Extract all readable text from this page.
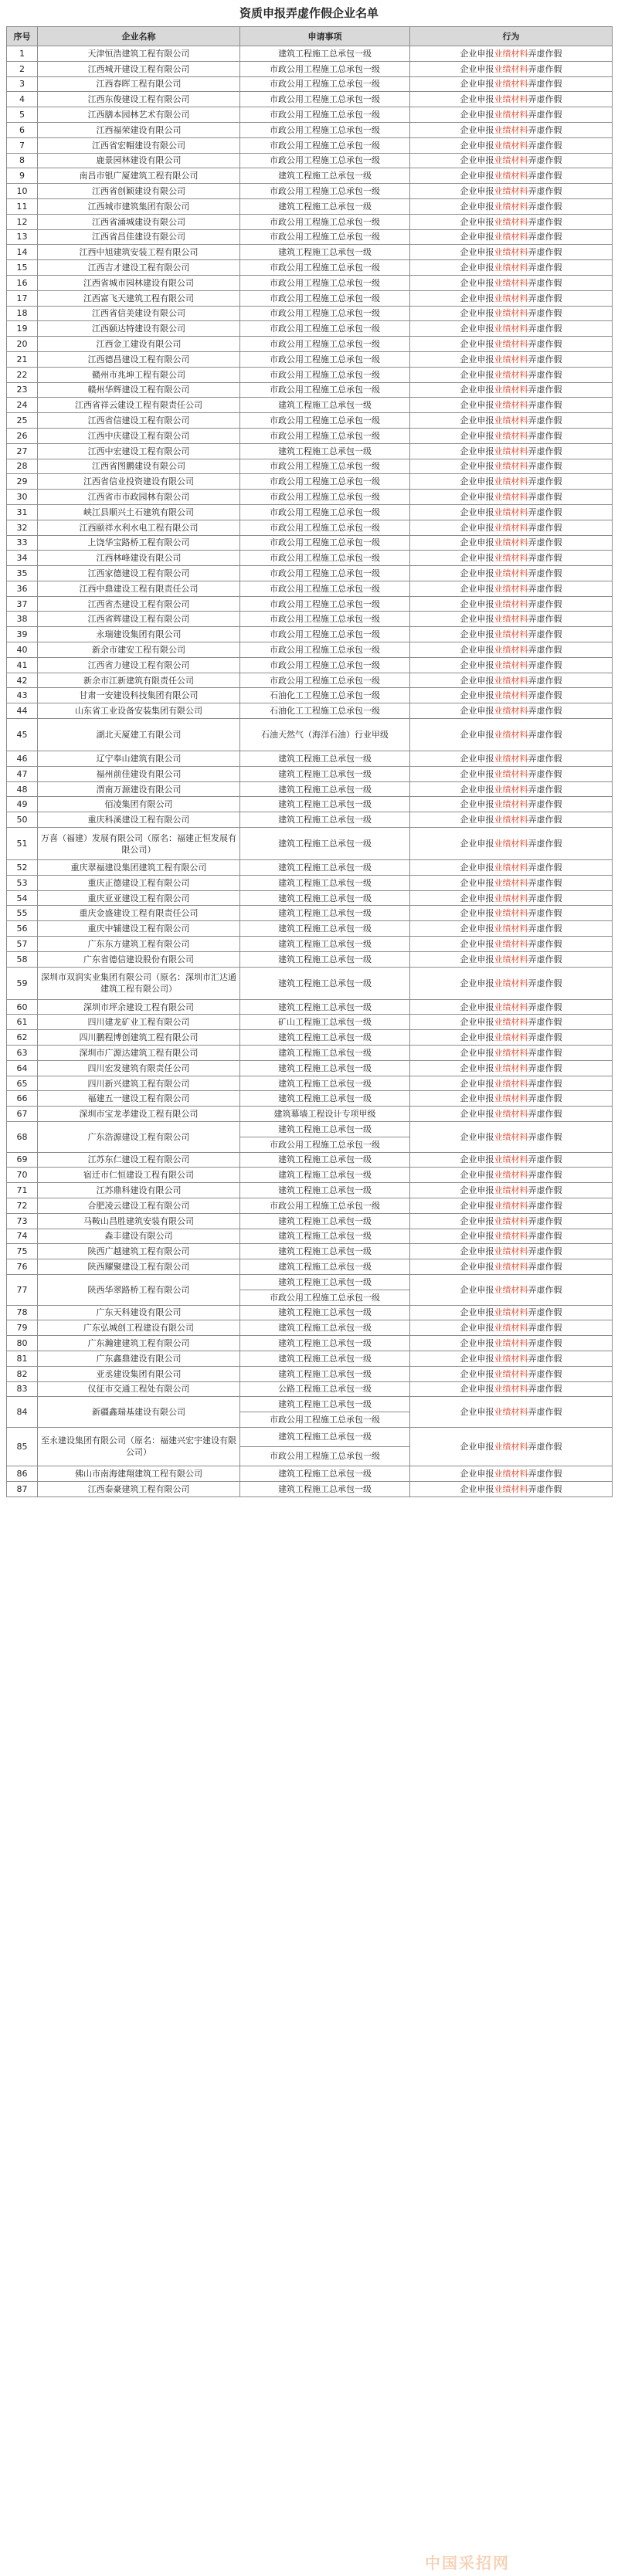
资质申报弄虚作假企业名单
序号	企业名称	申请事项	行为
1	天津恒浩建筑工程有限公司	建筑工程施工总承包一级	企业申报业绩材料弄虚作假
2	江西城开建设工程有限公司	市政公用工程施工总承包一级	企业申报业绩材料弄虚作假
3	江西春晖工程有限公司	市政公用工程施工总承包一级	企业申报业绩材料弄虚作假
4	江西东俊建设工程有限公司	市政公用工程施工总承包一级	企业申报业绩材料弄虚作假
5	江西膳本园林艺术有限公司	市政公用工程施工总承包一级	企业申报业绩材料弄虚作假
6	江西福荣建设有限公司	市政公用工程施工总承包一级	企业申报业绩材料弄虚作假
7	江西省宏帽建设有限公司	市政公用工程施工总承包一级	企业申报业绩材料弄虚作假
8	鹿景园林建设有限公司	市政公用工程施工总承包一级	企业申报业绩材料弄虚作假
9	南昌市银广厦建筑工程有限公司	建筑工程施工总承包一级	企业申报业绩材料弄虚作假
10	江西省创颖建设有限公司	市政公用工程施工总承包一级	企业申报业绩材料弄虚作假
11	江西城市建筑集团有限公司	建筑工程施工总承包一级	企业申报业绩材料弄虚作假
12	江西省涌城建设有限公司	市政公用工程施工总承包一级	企业申报业绩材料弄虚作假
13	江西省昌佳建设有限公司	市政公用工程施工总承包一级	企业申报业绩材料弄虚作假
14	江西中旭建筑安装工程有限公司	建筑工程施工总承包一级	企业申报业绩材料弄虚作假
15	江西吉才建设工程有限公司	市政公用工程施工总承包一级	企业申报业绩材料弄虚作假
16	江西省城市园林建设有限公司	市政公用工程施工总承包一级	企业申报业绩材料弄虚作假
17	江西富飞天建筑工程有限公司	市政公用工程施工总承包一级	企业申报业绩材料弄虚作假
18	江西省信美建设有限公司	市政公用工程施工总承包一级	企业申报业绩材料弄虚作假
19	江西颐达特建设有限公司	市政公用工程施工总承包一级	企业申报业绩材料弄虚作假
20	江西金工建设有限公司	市政公用工程施工总承包一级	企业申报业绩材料弄虚作假
21	江西德昌建设工程有限公司	市政公用工程施工总承包一级	企业申报业绩材料弄虚作假
22	赣州市兆坤工程有限公司	市政公用工程施工总承包一级	企业申报业绩材料弄虚作假
23	赣州华辉建设工程有限公司	市政公用工程施工总承包一级	企业申报业绩材料弄虚作假
24	江西省祥云建设工程有限责任公司	建筑工程施工总承包一级	企业申报业绩材料弄虚作假
25	江西省信建设工程有限公司	市政公用工程施工总承包一级	企业申报业绩材料弄虚作假
26	江西中庆建设工程有限公司	市政公用工程施工总承包一级	企业申报业绩材料弄虚作假
27	江西中宏建设工程有限公司	建筑工程施工总承包一级	企业申报业绩材料弄虚作假
28	江西省图鹏建设有限公司	市政公用工程施工总承包一级	企业申报业绩材料弄虚作假
29	江西省信业投资建设有限公司	市政公用工程施工总承包一级	企业申报业绩材料弄虚作假
30	江西省市市政园林有限公司	市政公用工程施工总承包一级	企业申报业绩材料弄虚作假
31	峡江县顺兴土石建筑有限公司	市政公用工程施工总承包一级	企业申报业绩材料弄虚作假
32	江西颐祥水利水电工程有限公司	市政公用工程施工总承包一级	企业申报业绩材料弄虚作假
33	上饶华宝路桥工程有限公司	市政公用工程施工总承包一级	企业申报业绩材料弄虚作假
34	江西林峰建设有限公司	市政公用工程施工总承包一级	企业申报业绩材料弄虚作假
35	江西家德建设工程有限公司	市政公用工程施工总承包一级	企业申报业绩材料弄虚作假
36	江西中鼎建设工程有限责任公司	市政公用工程施工总承包一级	企业申报业绩材料弄虚作假
37	江西省杰建设工程有限公司	市政公用工程施工总承包一级	企业申报业绩材料弄虚作假
38	江西省辉建设工程有限公司	市政公用工程施工总承包一级	企业申报业绩材料弄虚作假
39	永瑞建设集团有限公司	市政公用工程施工总承包一级	企业申报业绩材料弄虚作假
40	新余市建安工程有限公司	市政公用工程施工总承包一级	企业申报业绩材料弄虚作假
41	江西省力建设工程有限公司	市政公用工程施工总承包一级	企业申报业绩材料弄虚作假
42	新余市江新建筑有限责任公司	市政公用工程施工总承包一级	企业申报业绩材料弄虚作假
43	甘肃一安建设科技集团有限公司	石油化工工程施工总承包一级	企业申报业绩材料弄虚作假
44	山东省工业设备安装集团有限公司	石油化工工程施工总承包一级	企业申报业绩材料弄虚作假
45	湖北天厦建工有限公司	石油天然气（海洋石油）行业甲级	企业申报业绩材料弄虚作假
46	辽宁奉山建筑有限公司	建筑工程施工总承包一级	企业申报业绩材料弄虚作假
47	福州前佳建设有限公司	建筑工程施工总承包一级	企业申报业绩材料弄虚作假
48	渭南万源建设有限公司	建筑工程施工总承包一级	企业申报业绩材料弄虚作假
49	佰凌集团有限公司	建筑工程施工总承包一级	企业申报业绩材料弄虚作假
50	重庆科溪建设工程有限公司	建筑工程施工总承包一级	企业申报业绩材料弄虚作假
51	万喜（福建）发展有限公司（原名：福建正恒发展有限公司）	建筑工程施工总承包一级	企业申报业绩材料弄虚作假
52	重庆翠福建设集团建筑工程有限公司	建筑工程施工总承包一级	企业申报业绩材料弄虚作假
53	重庆正德建设工程有限公司	建筑工程施工总承包一级	企业申报业绩材料弄虚作假
54	重庆亚亚建设工程有限公司	建筑工程施工总承包一级	企业申报业绩材料弄虚作假
55	重庆金盛建设工程有限责任公司	建筑工程施工总承包一级	企业申报业绩材料弄虚作假
56	重庆中辅建设工程有限公司	建筑工程施工总承包一级	企业申报业绩材料弄虚作假
57	广东东方建筑工程有限公司	建筑工程施工总承包一级	企业申报业绩材料弄虚作假
58	广东省德信建设股份有限公司	建筑工程施工总承包一级	企业申报业绩材料弄虚作假
59	深圳市双润实业集团有限公司（原名：深圳市汇达通建筑工程有限公司）	建筑工程施工总承包一级	企业申报业绩材料弄虚作假
60	深圳市坪余建设工程有限公司	建筑工程施工总承包一级	企业申报业绩材料弄虚作假
61	四川建龙矿业工程有限公司	矿山工程施工总承包一级	企业申报业绩材料弄虚作假
62	四川鹏程博创建筑工程有限公司	建筑工程施工总承包一级	企业申报业绩材料弄虚作假
63	深圳市广源达建筑工程有限公司	建筑工程施工总承包一级	企业申报业绩材料弄虚作假
64	四川宏发建筑有限责任公司	建筑工程施工总承包一级	企业申报业绩材料弄虚作假
65	四川新兴建筑工程有限公司	建筑工程施工总承包一级	企业申报业绩材料弄虚作假
66	福建五一建设工程有限公司	建筑工程施工总承包一级	企业申报业绩材料弄虚作假
67	深圳市宝龙孝建设工程有限公司	建筑幕墙工程设计专项甲级	企业申报业绩材料弄虚作假
68	广东浩源建设工程有限公司	建筑工程施工总承包一级	企业申报业绩材料弄虚作假
		市政公用工程施工总承包一级	
69	江苏东仁建设工程有限公司	建筑工程施工总承包一级	企业申报业绩材料弄虚作假
70	宿迁市仁恒建设工程有限公司	建筑工程施工总承包一级	企业申报业绩材料弄虚作假
71	江苏鼎科建设有限公司	建筑工程施工总承包一级	企业申报业绩材料弄虚作假
72	合肥凌云建设工程有限公司	市政公用工程施工总承包一级	企业申报业绩材料弄虚作假
73	马鞍山昌胜建筑安装有限公司	建筑工程施工总承包一级	企业申报业绩材料弄虚作假
74	森丰建设有限公司	建筑工程施工总承包一级	企业申报业绩材料弄虚作假
75	陕西广越建筑工程有限公司	建筑工程施工总承包一级	企业申报业绩材料弄虚作假
76	陕西耀聚建设工程有限公司	建筑工程施工总承包一级	企业申报业绩材料弄虚作假
77	陕西华翠路桥工程有限公司	建筑工程施工总承包一级	企业申报业绩材料弄虚作假
		市政公用工程施工总承包一级	
78	广东天科建设有限公司	建筑工程施工总承包一级	企业申报业绩材料弄虚作假
79	广东弘城创工程建设有限公司	建筑工程施工总承包一级	企业申报业绩材料弄虚作假
80	广东瀚建建筑工程有限公司	建筑工程施工总承包一级	企业申报业绩材料弄虚作假
81	广东鑫鼎建设有限公司	建筑工程施工总承包一级	企业申报业绩材料弄虚作假
82	亚丞建设集团有限公司	建筑工程施工总承包一级	企业申报业绩材料弄虚作假
83	仪征市交通工程处有限公司	公路工程施工总承包一级	企业申报业绩材料弄虚作假
84	新疆鑫瑞基建设有限公司	建筑工程施工总承包一级	企业申报业绩材料弄虚作假
		市政公用工程施工总承包一级	
85	至永建设集团有限公司（原名：福建兴宏宇建设有限公司）	建筑工程施工总承包一级	企业申报业绩材料弄虚作假
		市政公用工程施工总承包一级	
86	佛山市南海建翔建筑工程有限公司	建筑工程施工总承包一级	企业申报业绩材料弄虚作假
87	江西泰豪建筑工程有限公司	建筑工程施工总承包一级	企业申报业绩材料弄虚作假
中国采招网
